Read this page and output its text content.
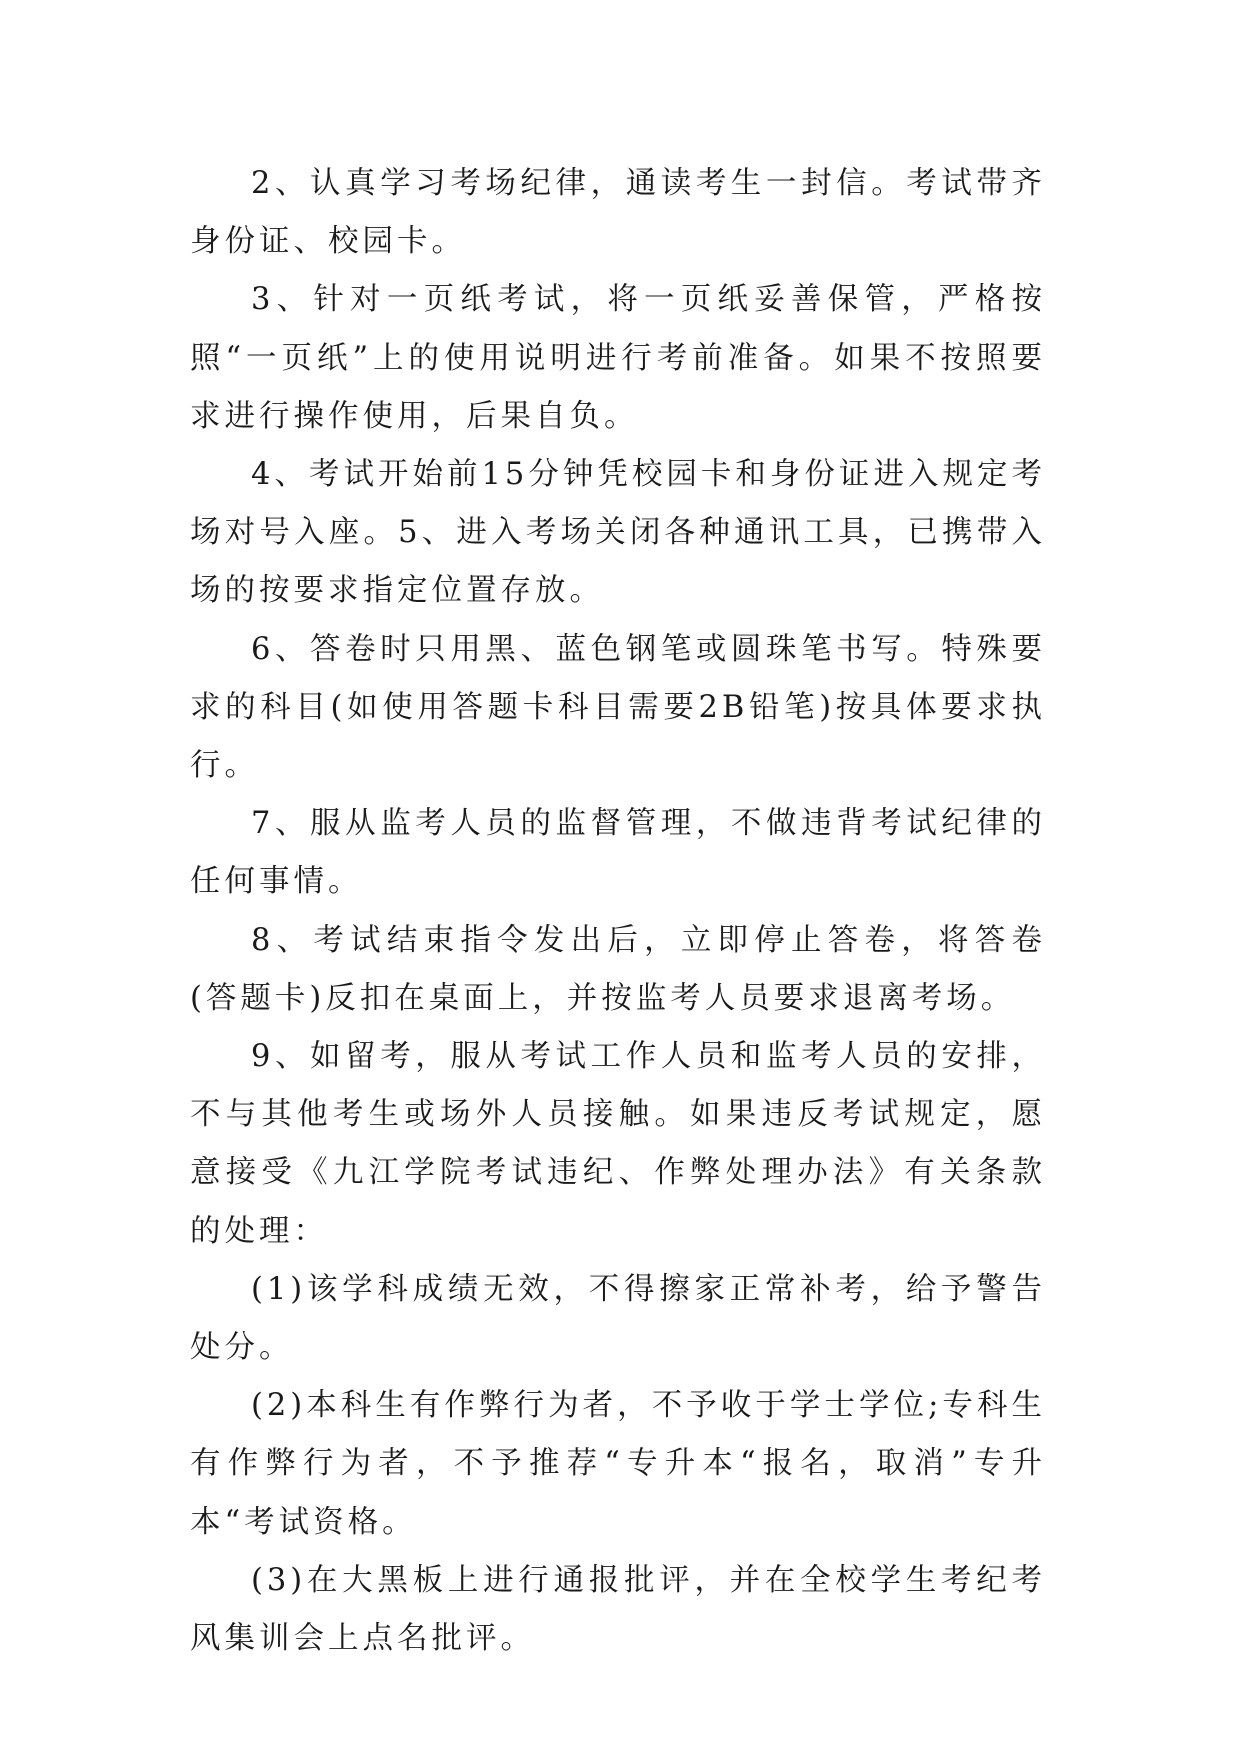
2、认真学习考场纪律，通读考生一封信。考试带齐身份证、校园卡。

3、针对一页纸考试，将一页纸妥善保管，严格按照“一页纸”上的使用说明进行考前准备。如果不按照要求进行操作使用，后果自负。

4、考试开始前15分钟凭校园卡和身份证进入规定考场对号入座。5、进入考场关闭各种通讯工具，已携带入场的按要求指定位置存放。

6、答卷时只用黑、蓝色钢笔或圆珠笔书写。特殊要求的科目(如使用答题卡科目需要2B铅笔)按具体要求执行。

7、服从监考人员的监督管理，不做违背考试纪律的任何事情。

8、考试结束指令发出后，立即停止答卷，将答卷(答题卡)反扣在桌面上，并按监考人员要求退离考场。

9、如留考，服从考试工作人员和监考人员的安排，不与其他考生或场外人员接触。如果违反考试规定，愿意接受《九江学院考试违纪、作弊处理办法》有关条款的处理：

(1)该学科成绩无效，不得擦家正常补考，给予警告处分。

(2)本科生有作弊行为者，不予收于学士学位;专科生有作弊行为者，不予推荐“专升本“报名，取消”专升本“考试资格。

(3)在大黑板上进行通报批评，并在全校学生考纪考风集训会上点名批评。
